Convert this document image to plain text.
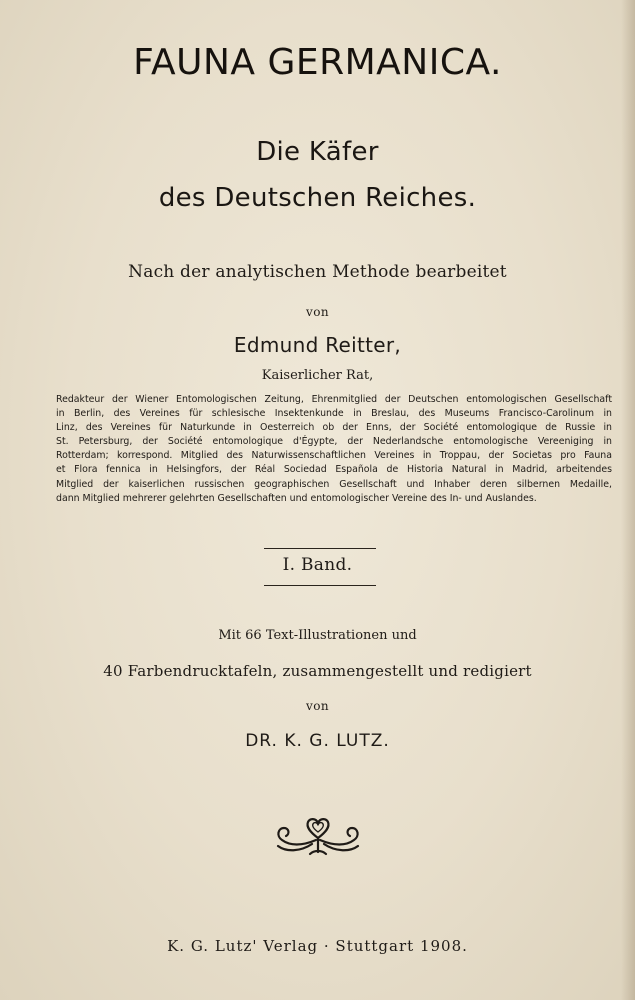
FAUNA GERMANICA.
Die Käfer
des Deutschen Reiches.
Nach der analytischen Methode bearbeitet
von
Edmund Reitter,
Kaiserlicher Rat,
Redakteur der Wiener Entomologischen Zeitung, Ehrenmitglied der Deutschen entomologischen Gesellschaft
in Berlin, des Vereines für schlesische Insektenkunde in Breslau, des Museums Francisco-Carolinum in
Linz, des Vereines für Naturkunde in Oesterreich ob der Enns, der Société entomologique de Russie in
St. Petersburg, der Société entomologique d'Égypte, der Nederlandsche entomologische Vereeniging in
Rotterdam; korrespond. Mitglied des Naturwissenschaftlichen Vereines in Troppau, der Societas pro Fauna
et Flora fennica in Helsingfors, der Réal Sociedad Española de Historia Natural in Madrid, arbeitendes
Mitglied der kaiserlichen russischen geographischen Gesellschaft und Inhaber deren silbernen Medaille,
dann Mitglied mehrerer gelehrten Gesellschaften und entomologischer Vereine des In- und Auslandes.
I. Band.
Mit 66 Text-Illustrationen und
40 Farbendrucktafeln, zusammengestellt und redigiert
von
DR. K. G. LUTZ.
K. G. Lutz' Verlag · Stuttgart 1908.
